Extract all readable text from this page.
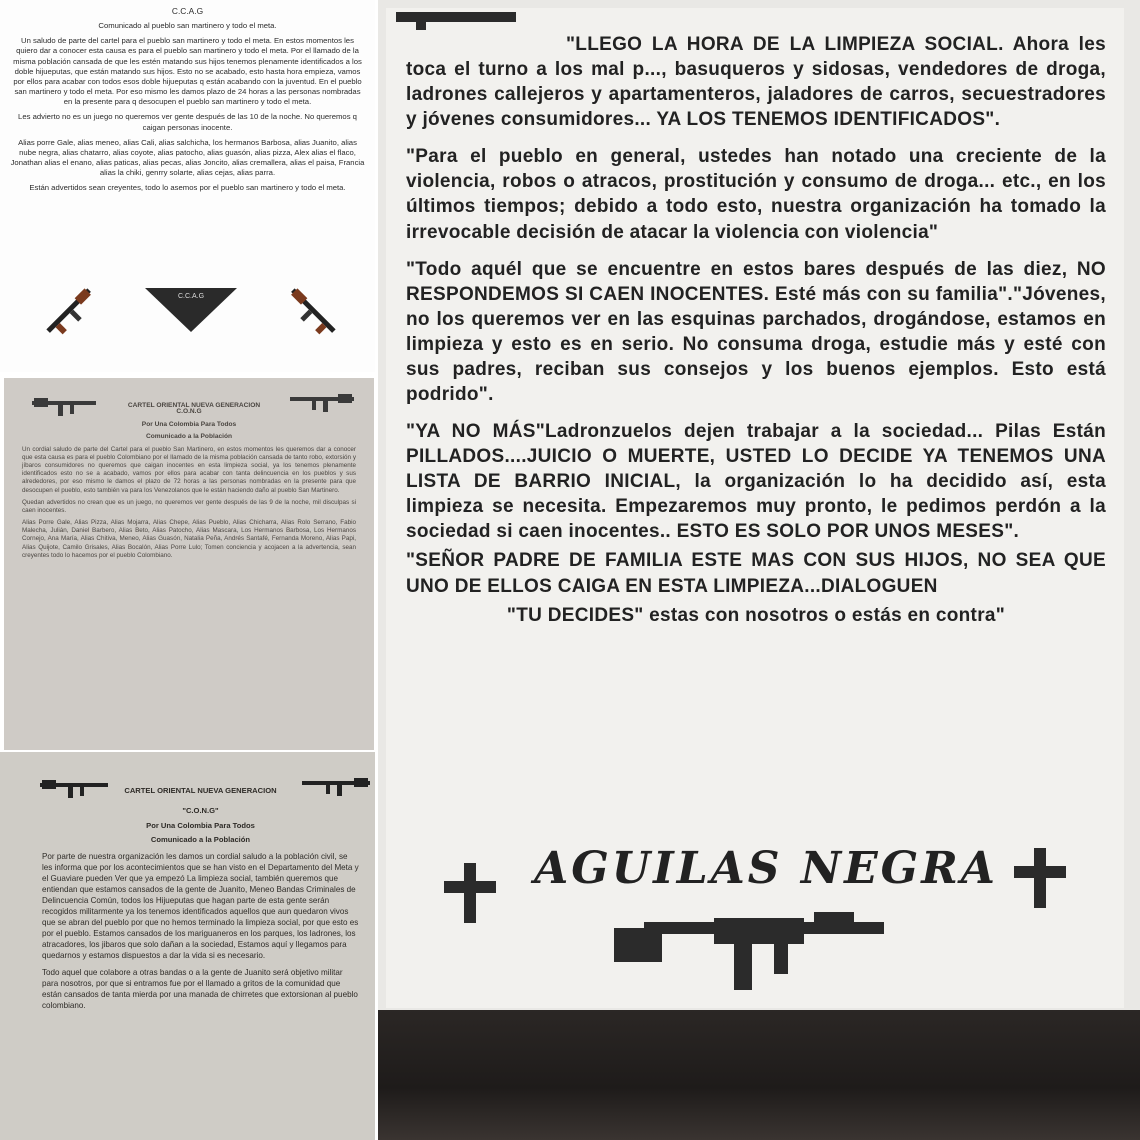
C.C.A.G

Comunicado al pueblo san martinero y todo el meta.

Un saludo de parte del cartel para el pueblo san martinero y todo el meta. En estos momentos les quiero dar a conocer esta causa es para el pueblo san martinero y todo el meta. Por el llamado de la misma población cansada de que les estén matando sus hijos tenemos plenamente identificados a los doble hijueputas, que están matando sus hijos. Esto no se acabado, esto hasta hora empieza, vamos por ellos para acabar con todos esos doble hijueputas q están acabando con la juventud. En el pueblo san martinero y todo el meta. Por eso mismo les damos plazo de 24 horas a las personas nombradas en la presente para q desocupen el pueblo san martinero y todo el meta.

Les advierto no es un juego no queremos ver gente después de las 10 de la noche. No queremos q caigan personas inocente.

Alias porre Gale, alias meneo, alias Cali, alias salchicha, los hermanos Barbosa, alias Juanito, alias nube negra, alias chatarro, alias coyote, alias patocho, alias guasón, alias pizza, Alex alias el flaco, Jonathan alias el enano, alias paticas, alias pecas, alias Joncito, alias cremallera, alias el paisa, Francia alias la chiki, genrry solarte, alias cejas, alias parra.

Están advertidos sean creyentes, todo lo asemos por el pueblo san martinero y todo el meta.

C.C.A.G
CARTEL ORIENTAL NUEVA GENERACION
C.O.N.G
Por Una Colombia Para Todos
Comunicado a la Población
Un cordial saludo de parte del Cartel para el pueblo San Martinero, en estos momentos les queremos dar a conocer que esta causa es para el pueblo Colombiano por el llamado de la misma población cansada de tanto robo, extorsión y jíbaros consumidores no queremos que caigan inocentes en esta limpieza social, ya los tenemos plenamente identificados esto no se a acabado, vamos por ellos para acabar con tanta delincuencia en los pueblos y sus alrededores, por eso mismo le damos el plazo de 72 horas a las personas nombradas en la presente para que desocupen el pueblo, esto también va para los Venezolanos que le están haciendo daño al pueblo San Martinero.
Quedan advertidos no crean que es un juego, no queremos ver gente después de las 9 de la noche, mil disculpas si caen inocentes.
Alias Porre Gale, Alias Pizza, Alias Mojarra, Alias Chepe, Alias Pueblo, Alias Chicharra, Alias Rolo Serrano, Fabio Malecha, Julián, Daniel Barbero, Alias Beto, Alias Patocho, Alias Mascara, Los Hermanos Barbosa, Los Hermanos Cornejo, Ana María, Alias Chitiva, Meneo, Alias Guasón, Natalia Peña, Andrés Santafé, Fernanda Moreno, Alias Papi, Alias Quijote, Camilo Grisales, Alias Bocalón, Alias Porre Lulo; Tomen conciencia y acojacen a la advertencia, sean creyentes todo lo hacemos por el pueblo Colombiano.
CARTEL ORIENTAL NUEVA GENERACION
"C.O.N.G"
Por Una Colombia Para Todos
Comunicado a la Población
Por parte de nuestra organización les damos un cordial saludo a la población civil, se les informa que por los acontecimientos que se han visto en el Departamento del Meta y el Guaviare pueden Ver que ya empezó La limpieza social, también queremos que entiendan que estamos cansados de la gente de Juanito, Meneo Bandas Criminales de Delincuencia Común, todos los Hijueputas que hagan parte de esta gente serán recogidos militarmente ya los tenemos identificados aquellos que aun quedaron vivos que se abran del pueblo por que no hemos terminado la limpieza social, por que esto es por el pueblo. Estamos cansados de los mariguaneros en los parques, los ladrones, los atracadores, los jibaros que solo dañan a la sociedad, Estamos aquí y llegamos para quedarnos y estamos dispuestos a dar la vida si es necesario.
Todo aquel que colabore a otras bandas o a la gente de Juanito será objetivo militar para nosotros, por que si entramos fue por el llamado a gritos de la comunidad que están cansados de tanta mierda por una manada de chirretes que extorsionan al pueblo colombiano.
"LLEGO LA HORA DE LA LIMPIEZA SOCIAL. Ahora les toca el turno a los mal p..., basuqueros y sidosas, vendedores de droga, ladrones callejeros y apartamenteros, jaladores de carros, secuestradores y jóvenes consumidores... YA LOS TENEMOS IDENTIFICADOS".
"Para el pueblo en general, ustedes han notado una creciente de la violencia, robos o atracos, prostitución y consumo de droga... etc., en los últimos tiempos; debido a todo esto, nuestra organización ha tomado la irrevocable decisión de atacar la violencia con violencia"
"Todo aquél que se encuentre en estos bares después de las diez, NO RESPONDEMOS SI CAEN INOCENTES. Esté más con su familia"."Jóvenes, no los queremos ver en las esquinas parchados, drogándose, estamos en limpieza y esto es en serio. No consuma droga, estudie más y esté con sus padres, reciban sus consejos y los buenos ejemplos. Esto está podrido".
"YA NO MÁS"Ladronzuelos dejen trabajar a la sociedad... Pilas Están PILLADOS....JUICIO O MUERTE, USTED LO DECIDE YA TENEMOS UNA LISTA DE BARRIO INICIAL, la organización lo ha decidido así, esta limpieza se necesita. Empezaremos muy pronto, le pedimos perdón a la sociedad si caen inocentes.. ESTO ES SOLO POR UNOS MESES".
"SEÑOR PADRE DE FAMILIA ESTE MAS CON SUS HIJOS, NO SEA QUE UNO DE ELLOS CAIGA EN ESTA LIMPIEZA...DIALOGUEN
"TU DECIDES" estas con nosotros o estás en contra"
AGUILAS NEGRA
